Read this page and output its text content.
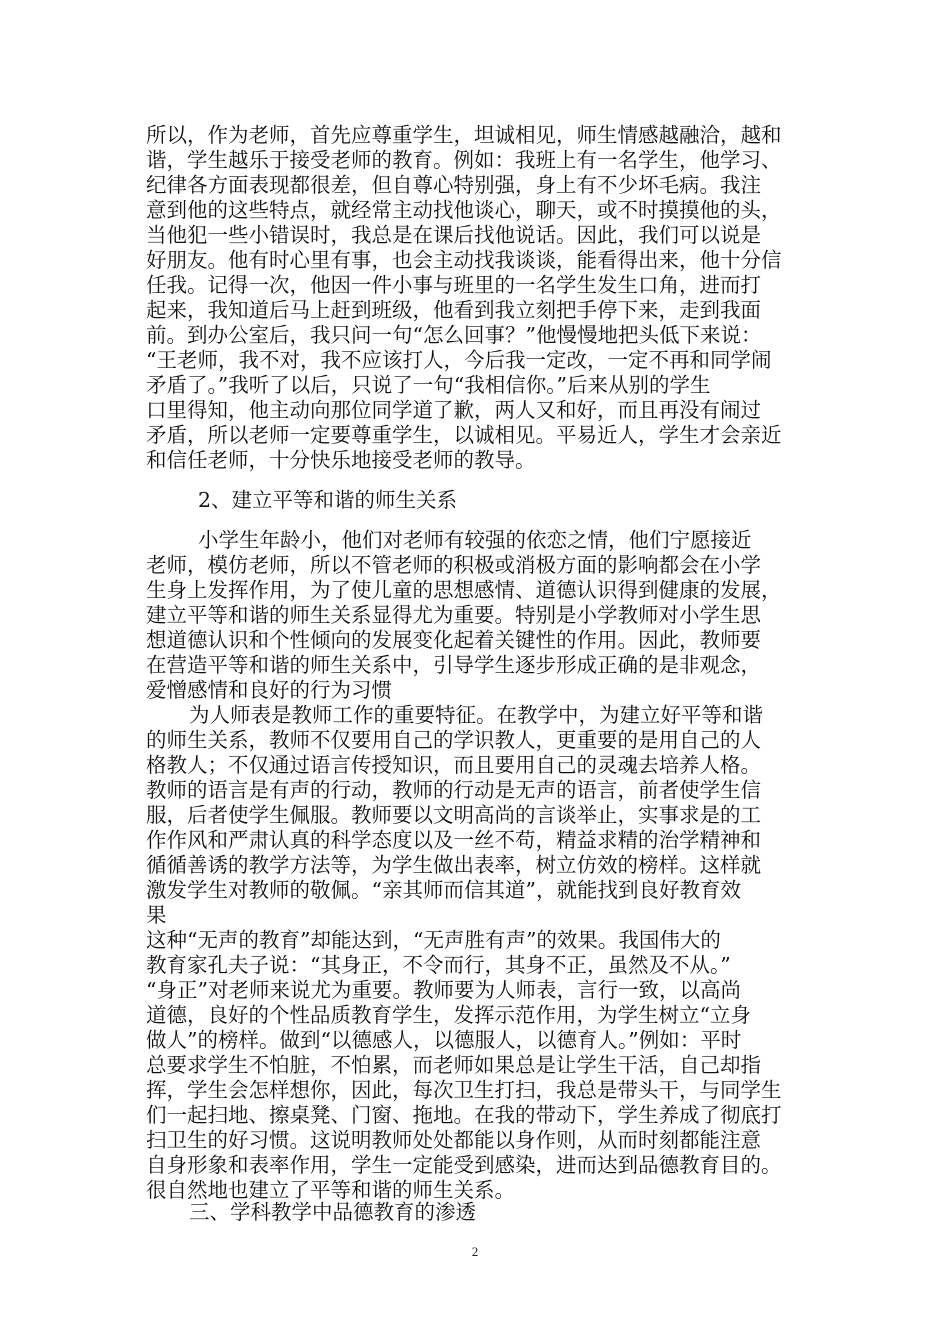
所以，作为老师，首先应尊重学生，坦诚相见，师生情感越融洽，越和
谐，学生越乐于接受老师的教育。例如：我班上有一名学生，他学习、
纪律各方面表现都很差，但自尊心特别强，身上有不少坏毛病。我注
意到他的这些特点，就经常主动找他谈心，聊天，或不时摸摸他的头，
当他犯一些小错误时，我总是在课后找他说话。因此，我们可以说是
好朋友。他有时心里有事，也会主动找我谈谈，能看得出来，他十分信
任我。记得一次，他因一件小事与班里的一名学生发生口角，进而打
起来，我知道后马上赶到班级，他看到我立刻把手停下来，走到我面
前。到办公室后，我只问一句“怎么回事？”他慢慢地把头低下来说：
“王老师，我不对，我不应该打人，今后我一定改，一定不再和同学闹
矛盾了。”我听了以后，只说了一句“我相信你。”后来从别的学生
口里得知，他主动向那位同学道了歉，两人又和好，而且再没有闹过
矛盾，所以老师一定要尊重学生，以诚相见。平易近人，学生才会亲近
和信任老师，十分快乐地接受老师的教导。
2、建立平等和谐的师生关系
小学生年龄小，他们对老师有较强的依恋之情，他们宁愿接近
老师，模仿老师，所以不管老师的积极或消极方面的影响都会在小学
生身上发挥作用，为了使儿童的思想感情、道德认识得到健康的发展，
建立平等和谐的师生关系显得尤为重要。特别是小学教师对小学生思
想道德认识和个性倾向的发展变化起着关键性的作用。因此，教师要
在营造平等和谐的师生关系中，引导学生逐步形成正确的是非观念，
爱憎感情和良好的行为习惯
为人师表是教师工作的重要特征。在教学中，为建立好平等和谐
的师生关系，教师不仅要用自己的学识教人，更重要的是用自己的人
格教人；不仅通过语言传授知识，而且要用自己的灵魂去培养人格。
教师的语言是有声的行动，教师的行动是无声的语言，前者使学生信
服，后者使学生佩服。教师要以文明高尚的言谈举止，实事求是的工
作作风和严肃认真的科学态度以及一丝不苟，精益求精的治学精神和
循循善诱的教学方法等，为学生做出表率，树立仿效的榜样。这样就
激发学生对教师的敬佩。“亲其师而信其道”，就能找到良好教育效
果
这种“无声的教育”却能达到，“无声胜有声”的效果。我国伟大的
教育家孔夫子说：“其身正，不令而行，其身不正，虽然及不从。”
“身正”对老师来说尤为重要。教师要为人师表，言行一致，以高尚
道德，良好的个性品质教育学生，发挥示范作用，为学生树立“立身
做人”的榜样。做到“以德感人，以德服人，以德育人。”例如：平时
总要求学生不怕脏，不怕累，而老师如果总是让学生干活，自己却指
挥，学生会怎样想你，因此，每次卫生打扫，我总是带头干，与同学生
们一起扫地、擦桌凳、门窗、拖地。在我的带动下，学生养成了彻底打
扫卫生的好习惯。这说明教师处处都能以身作则，从而时刻都能注意
自身形象和表率作用，学生一定能受到感染，进而达到品德教育目的。
很自然地也建立了平等和谐的师生关系。
三、学科教学中品德教育的渗透
2
